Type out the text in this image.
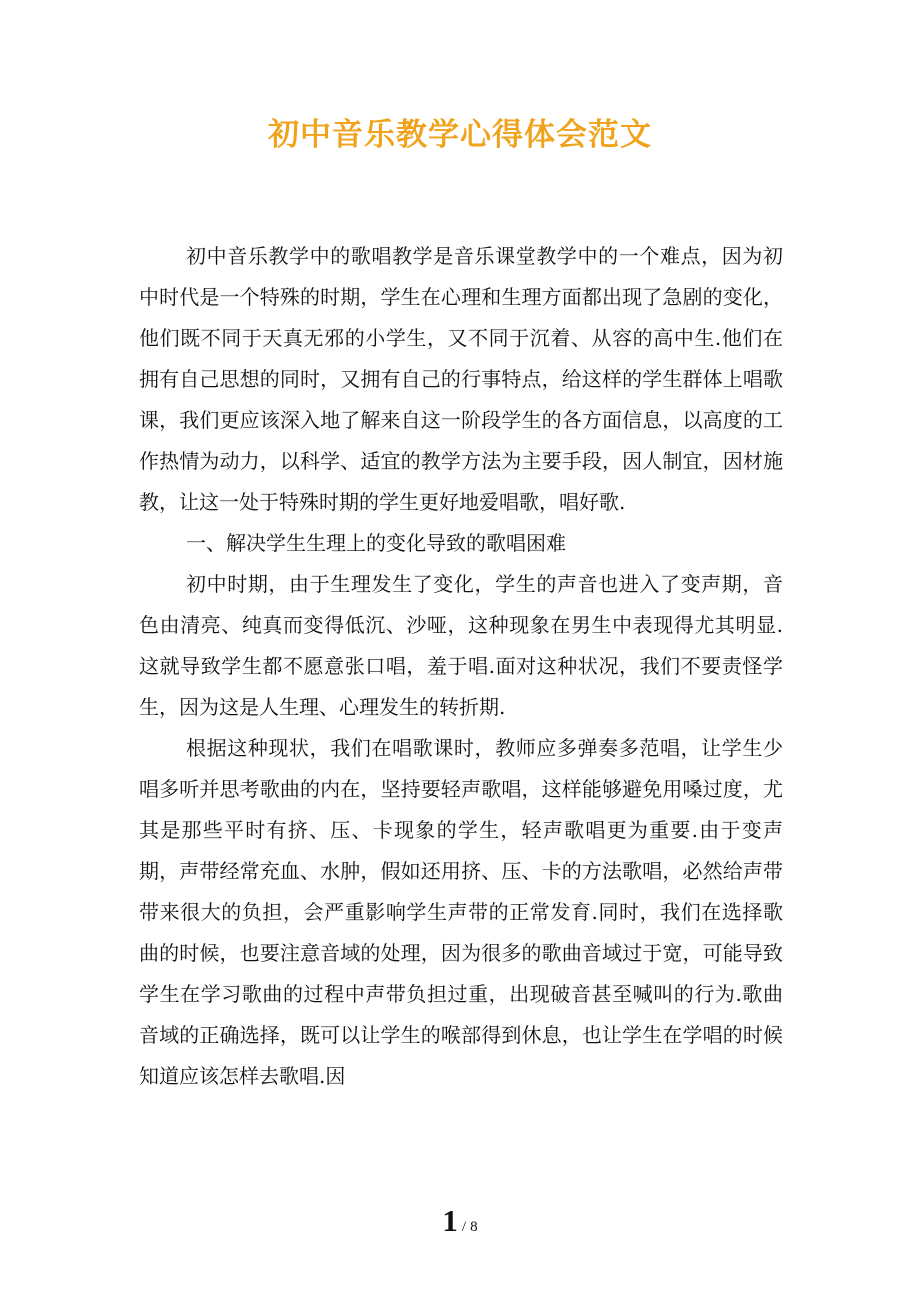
初中音乐教学心得体会范文

初中音乐教学中的歌唱教学是音乐课堂教学中的一个难点，因为初中时代是一个特殊的时期，学生在心理和生理方面都出现了急剧的变化，他们既不同于天真无邪的小学生，又不同于沉着、从容的高中生.他们在拥有自己思想的同时，又拥有自己的行事特点，给这样的学生群体上唱歌课，我们更应该深入地了解来自这一阶段学生的各方面信息，以高度的工作热情为动力，以科学、适宜的教学方法为主要手段，因人制宜，因材施教，让这一处于特殊时期的学生更好地爱唱歌，唱好歌.

一、解决学生生理上的变化导致的歌唱困难

初中时期，由于生理发生了变化，学生的声音也进入了变声期，音色由清亮、纯真而变得低沉、沙哑，这种现象在男生中表现得尤其明显.这就导致学生都不愿意张口唱，羞于唱.面对这种状况，我们不要责怪学生，因为这是人生理、心理发生的转折期.

根据这种现状，我们在唱歌课时，教师应多弹奏多范唱，让学生少唱多听并思考歌曲的内在，坚持要轻声歌唱，这样能够避免用嗓过度，尤其是那些平时有挤、压、卡现象的学生，轻声歌唱更为重要.由于变声期，声带经常充血、水肿，假如还用挤、压、卡的方法歌唱，必然给声带带来很大的负担，会严重影响学生声带的正常发育.同时，我们在选择歌曲的时候，也要注意音域的处理，因为很多的歌曲音域过于宽，可能导致学生在学习歌曲的过程中声带负担过重，出现破音甚至喊叫的行为.歌曲音域的正确选择，既可以让学生的喉部得到休息，也让学生在学唱的时候知道应该怎样去歌唱.因

1 / 8
